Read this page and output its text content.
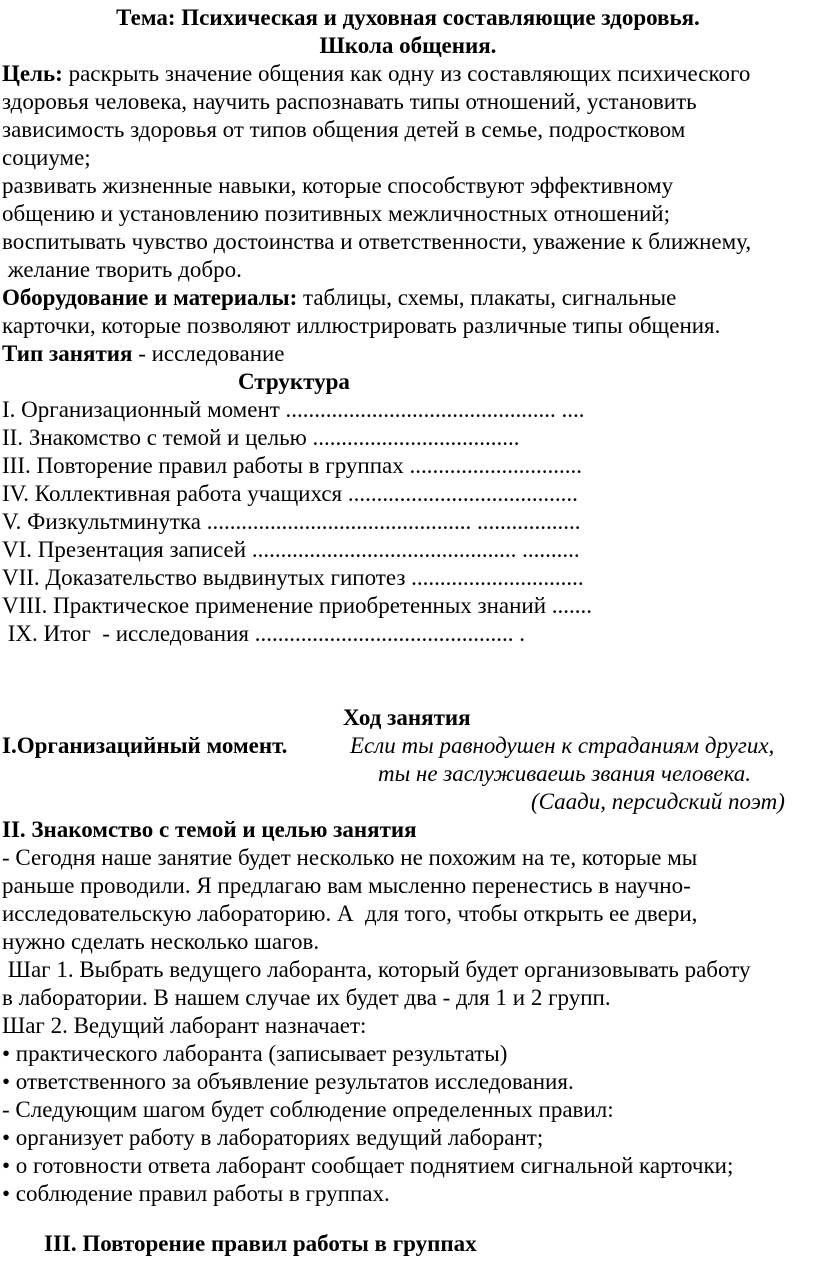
Тема: Психическая и духовная составляющие здоровья.
Школа общения.
Цель: раскрыть значение общения как одну из составляющих психического
здоровья человека, научить распознавать типы отношений, установить
зависимость здоровья от типов общения детей в семье, подростковом
социуме;
развивать жизненные навыки, которые способствуют эффективному
общению и установлению позитивных межличностных отношений;
воспитывать чувство достоинства и ответственности, уважение к ближнему,
желание творить добро.
Оборудование и материалы: таблицы, схемы, плакаты, сигнальные
карточки, которые позволяют иллюстрировать различные типы общения.
Тип занятия - исследование
Структура
I. Организационный момент ............................................... ....
II. Знакомство с темой и целью ....................................
III. Повторение правил работы в группах ..............................
IV. Коллективная работа учащихся ........................................
V. Физкультминутка .............................................. ..................
VI. Презентация записей .............................................. ..........
VII. Доказательство выдвинутых гипотез ..............................
VIII. Практическое применение приобретенных знаний .......
IX. Итог  - исследования ............................................. .
Ход занятия
I.Организацийный момент.	Если ты равнодушен к страданиям других,
ты не заслуживаешь звания человека.
(Саади, персидский поэт)
II. Знакомство с темой и целью занятия
- Сегодня наше занятие будет несколько не похожим на те, которые мы
раньше проводили. Я предлагаю вам мысленно перенестись в научно-
исследовательскую лабораторию. А  для того, чтобы открыть ее двери,
нужно сделать несколько шагов.
Шаг 1. Выбрать ведущего лаборанта, который будет организовывать работу
в лаборатории. В нашем случае их будет два - для 1 и 2 групп.
Шаг 2. Ведущий лаборант назначает:
• практического лаборанта (записывает результаты)
• ответственного за объявление результатов исследования.
- Следующим шагом будет соблюдение определенных правил:
• организует работу в лабораториях ведущий лаборант;
• о готовности ответа лаборант сообщает поднятием сигнальной карточки;
• соблюдение правил работы в группах.
III. Повторение правил работы в группах
